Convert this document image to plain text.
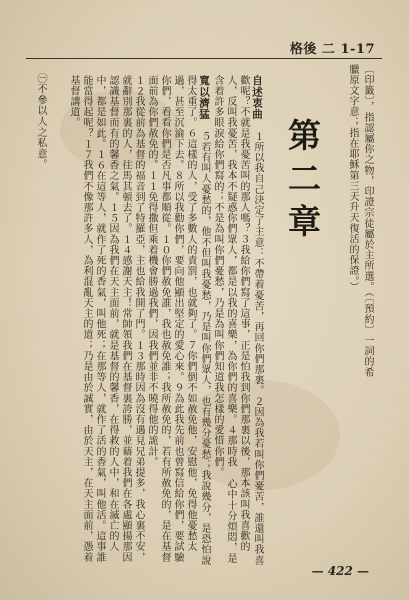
格後 二 1-17
〔印籤〕，指認屬你之物，印證宗徒屬於主所選。（〔預約〕一詞的希
臘原文字意；指在耶穌第三天升天復活的保證。）
第二章
自述衷曲 １所以我自己決定了主意：不帶着憂苦，再回你們那裏。２因為我若叫你們憂苦，誰還叫我喜歡呢？不就是我憂苦叫的那人嗎？３我給你們寫了這事，正是怕我到你們那裏以後，那本該叫我喜歡的人，反叫我憂苦，我本不疑惑你們眾人，都是以我的喜樂，為你們的喜樂。４那時我 心中十分煩悶，是含着許多眼淚給你們寫的；不是為叫你們憂愁，乃是為叫你們知道我怎樣的愛惜你們。
寬以濟猛 ５若有叫人憂愁的，他不但叫我憂愁，乃是叫你們眾人，也有幾分憂愁；我說幾分，是恐怕說得太重了。６這樣的人，受了多數人的責罰，也就夠了。７你們倒不如赦免他，安慰他，免得他憂愁太過，甚至沉淪下去。８所以我勸你們，要向他顯出堅定的愛心來。９為此我先前也曾寫信給你們，要試驗你們，看看你們是否凡事都順從。１０你們赦免誰，我也赦免誰；我所赦免的，若有所赦免的，是在基督面前為你們赦免的。１１免得撒但乘着機會勝過我們，因我們並非不曉得他的詭計。
１２我從前為基督的福音到了特羅亞，主也給我開了門。１３那時因為沒有遇見兄弟提多，我心裏不安，就辭別那裏的人，往馬其頓去了。１４感謝天主！常帥領我們在基督裏誇勝，並藉着我們在各處顯揚那因認識基督而有的馨香之氣。１５因為我們在天主面前，就是基督的馨香，在得救的人中，和在滅亡的人中，都是如此。１６在這等人，就作了死的香氣，叫他死；在那等人，就作了活的香氣，叫他活。這事誰能當得起呢？１７我們不像那許多人，為利混亂天主的道；乃是由於誠實，由於天主，在天主面前，憑着基督講道。
㊀不參以人之私意。
— 422 —
